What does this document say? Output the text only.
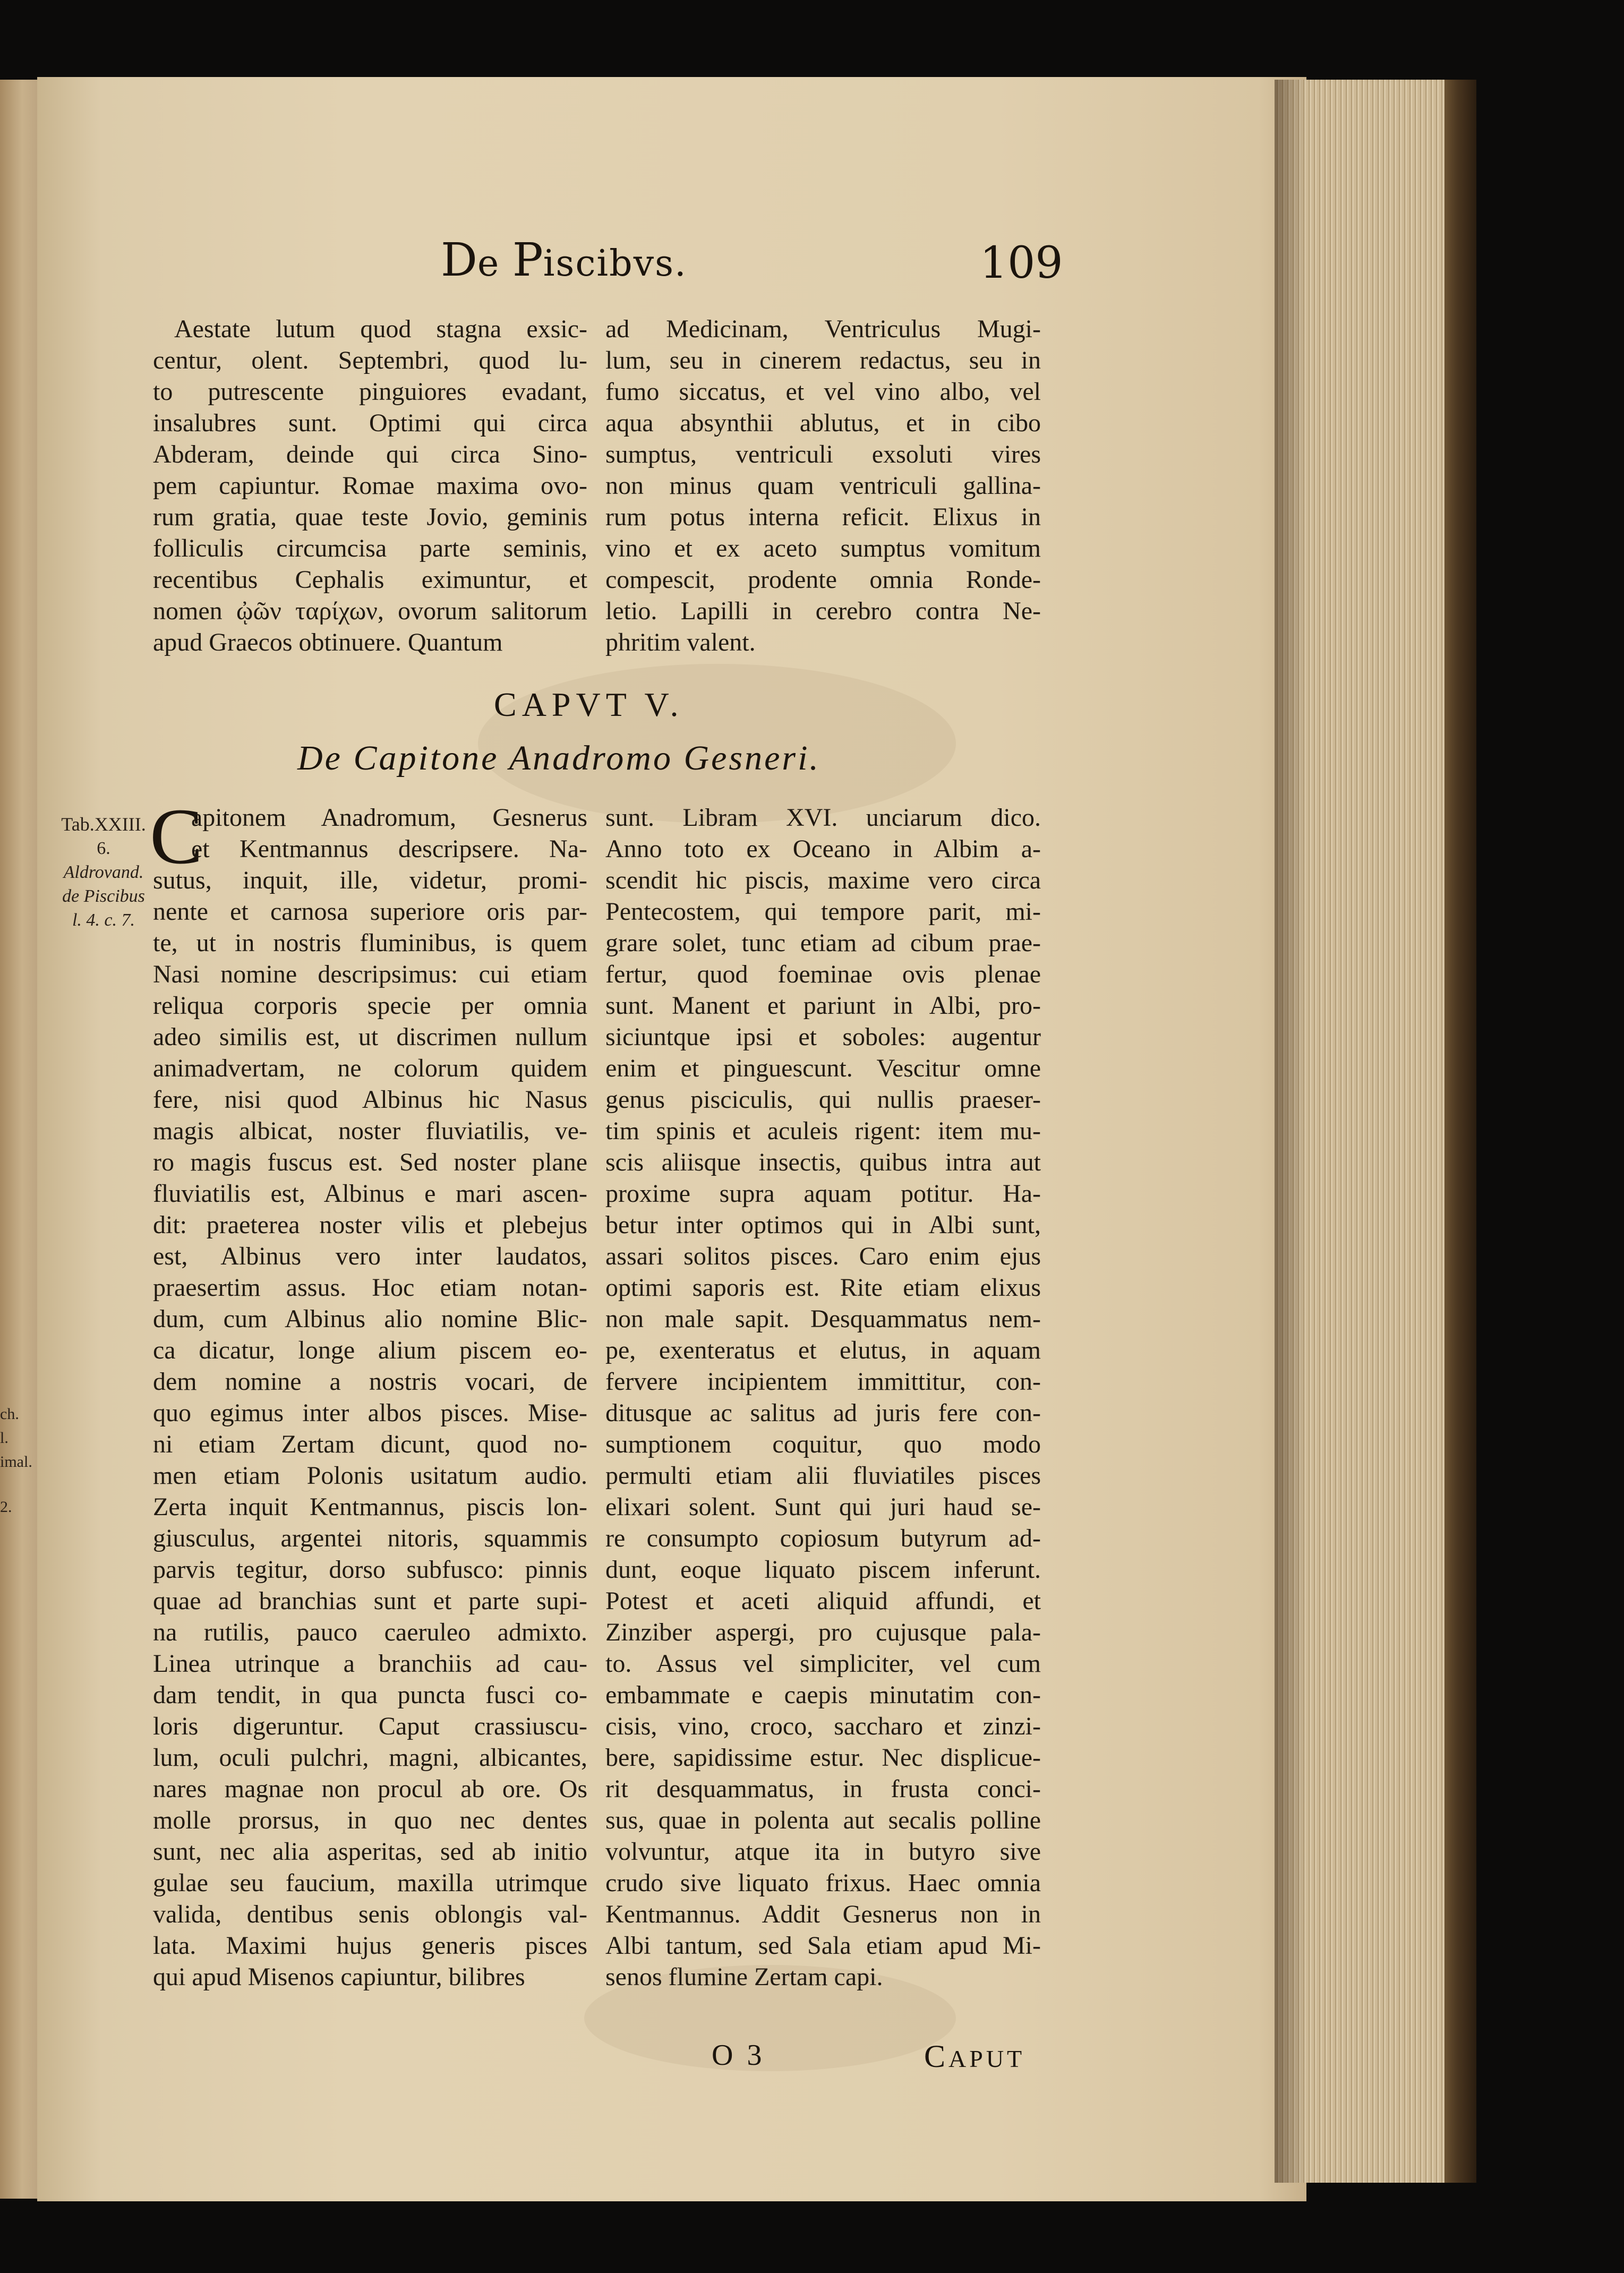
ch. l.
imal.
2.
De Piscibvs.	109
Aestate lutum quod stagna exsic-
centur, olent. Septembri, quod lu-
to putrescente pinguiores evadant,
insalubres sunt. Optimi qui circa
Abderam, deinde qui circa Sino-
pem capiuntur. Romae maxima ovo-
rum gratia, quae teste Jovio, geminis
folliculis circumcisa parte seminis,
recentibus Cephalis eximuntur, et
nomen ᾠῶν ταρίχων, ovorum salitorum
apud Graecos obtinuere. Quantum
ad Medicinam, Ventriculus Mugi-
lum, seu in cinerem redactus, seu in
fumo siccatus, et vel vino albo, vel
aqua absynthii ablutus, et in cibo
sumptus, ventriculi exsoluti vires
non minus quam ventriculi gallina-
rum potus interna reficit. Elixus in
vino et ex aceto sumptus vomitum
compescit, prodente omnia Ronde-
letio. Lapilli in cerebro contra Ne-
phritim valent.
CAPVT V.
De Capitone Anadromo Gesneri.
Tab.XXIII.
6.
Aldrovand.
de Piscibus
l. 4. c. 7.
C
apitonem Anadromum, Gesnerus
et Kentmannus descripsere. Na-
sutus, inquit, ille, videtur, promi-
nente et carnosa superiore oris par-
te, ut in nostris fluminibus, is quem
Nasi nomine descripsimus: cui etiam
reliqua corporis specie per omnia
adeo similis est, ut discrimen nullum
animadvertam, ne colorum quidem
fere, nisi quod Albinus hic Nasus
magis albicat, noster fluviatilis, ve-
ro magis fuscus est. Sed noster plane
fluviatilis est, Albinus e mari ascen-
dit: praeterea noster vilis et plebejus
est, Albinus vero inter laudatos,
praesertim assus. Hoc etiam notan-
dum, cum Albinus alio nomine Blic-
ca dicatur, longe alium piscem eo-
dem nomine a nostris vocari, de
quo egimus inter albos pisces. Mise-
ni etiam Zertam dicunt, quod no-
men etiam Polonis usitatum audio.
Zerta inquit Kentmannus, piscis lon-
giusculus, argentei nitoris, squammis
parvis tegitur, dorso subfusco: pinnis
quae ad branchias sunt et parte supi-
na rutilis, pauco caeruleo admixto.
Linea utrinque a branchiis ad cau-
dam tendit, in qua puncta fusci co-
loris digeruntur. Caput crassiuscu-
lum, oculi pulchri, magni, albicantes,
nares magnae non procul ab ore. Os
molle prorsus, in quo nec dentes
sunt, nec alia asperitas, sed ab initio
gulae seu faucium, maxilla utrimque
valida, dentibus senis oblongis val-
lata. Maximi hujus generis pisces
qui apud Misenos capiuntur, bilibres
sunt. Libram XVI. unciarum dico.
Anno toto ex Oceano in Albim a-
scendit hic piscis, maxime vero circa
Pentecostem, qui tempore parit, mi-
grare solet, tunc etiam ad cibum prae-
fertur, quod foeminae ovis plenae
sunt. Manent et pariunt in Albi, pro-
siciuntque ipsi et soboles: augentur
enim et pinguescunt. Vescitur omne
genus pisciculis, qui nullis praeser-
tim spinis et aculeis rigent: item mu-
scis aliisque insectis, quibus intra aut
proxime supra aquam potitur. Ha-
betur inter optimos qui in Albi sunt,
assari solitos pisces. Caro enim ejus
optimi saporis est. Rite etiam elixus
non male sapit. Desquammatus nem-
pe, exenteratus et elutus, in aquam
fervere incipientem immittitur, con-
ditusque ac salitus ad juris fere con-
sumptionem coquitur, quo modo
permulti etiam alii fluviatiles pisces
elixari solent. Sunt qui juri haud se-
re consumpto copiosum butyrum ad-
dunt, eoque liquato piscem inferunt.
Potest et aceti aliquid affundi, et
Zinziber aspergi, pro cujusque pala-
to. Assus vel simpliciter, vel cum
embammate e caepis minutatim con-
cisis, vino, croco, saccharo et zinzi-
bere, sapidissime estur. Nec displicue-
rit desquammatus, in frusta conci-
sus, quae in polenta aut secalis polline
volvuntur, atque ita in butyro sive
crudo sive liquato frixus. Haec omnia
Kentmannus. Addit Gesnerus non in
Albi tantum, sed Sala etiam apud Mi-
senos flumine Zertam capi.
O 3	CAPUT
